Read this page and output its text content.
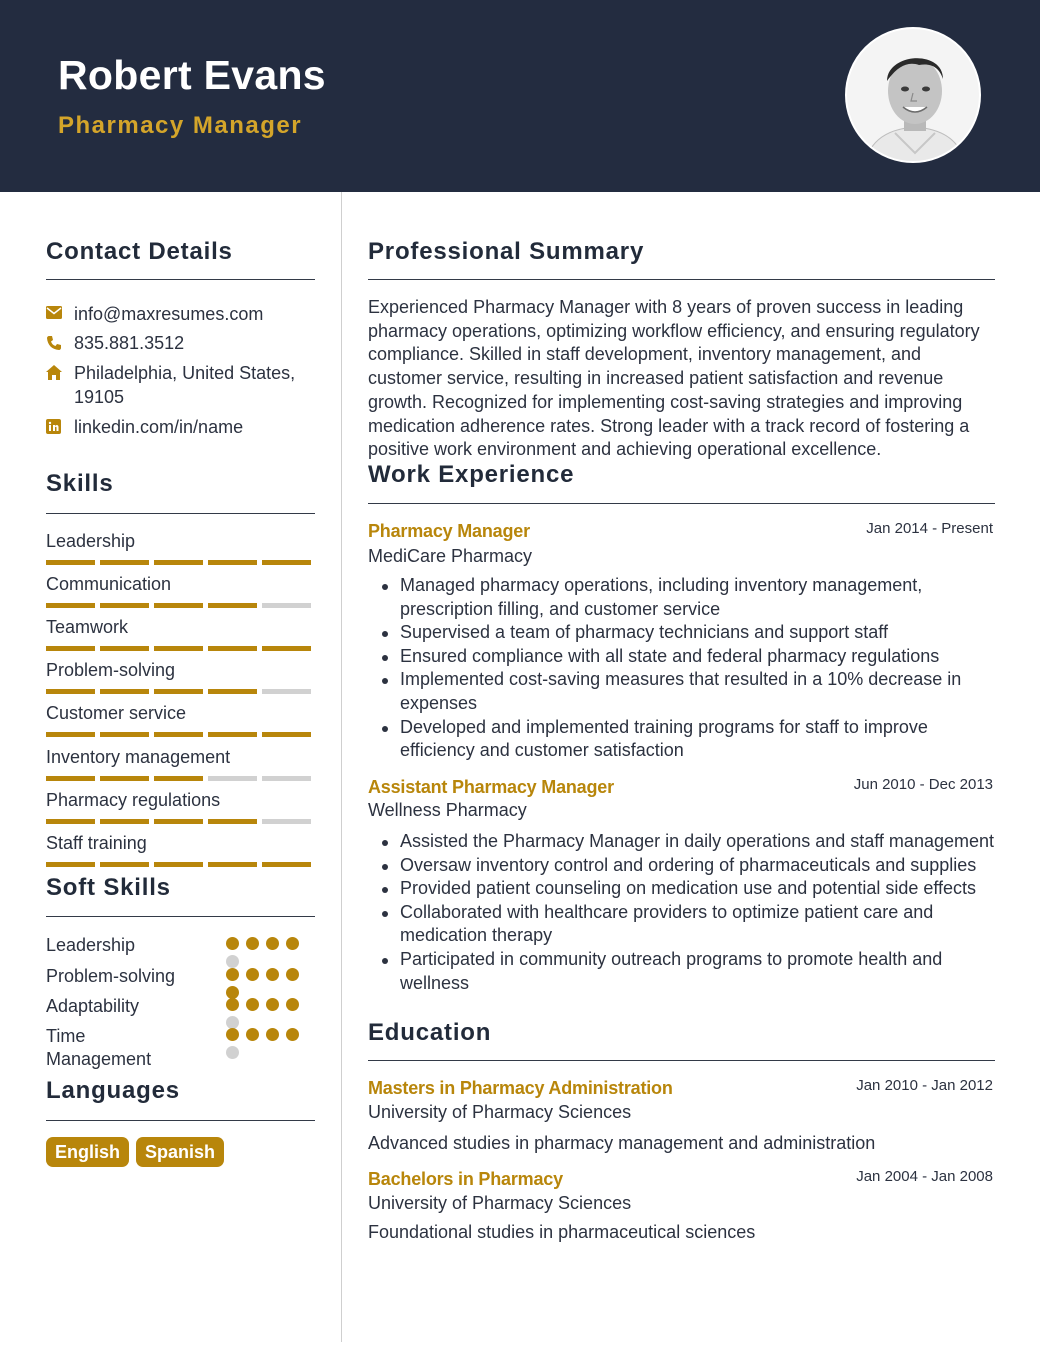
Robert Evans
Pharmacy Manager
Contact Details
info@maxresumes.com
835.881.3512
Philadelphia, United States, 19105
linkedin.com/in/name
Skills
Leadership
Communication
Teamwork
Problem-solving
Customer service
Inventory management
Pharmacy regulations
Staff training
Soft Skills
Leadership
Problem-solving
Adaptability
Time Management
Languages
English	Spanish
Professional Summary
Experienced Pharmacy Manager with 8 years of proven success in leading pharmacy operations, optimizing workflow efficiency, and ensuring regulatory compliance. Skilled in staff development, inventory management, and customer service, resulting in increased patient satisfaction and revenue growth. Recognized for implementing cost-saving strategies and improving medication adherence rates. Strong leader with a track record of fostering a positive work environment and achieving operational excellence.
Work Experience
Pharmacy Manager	Jan 2014 - Present
MediCare Pharmacy
Managed pharmacy operations, including inventory management, prescription filling, and customer service
Supervised a team of pharmacy technicians and support staff
Ensured compliance with all state and federal pharmacy regulations
Implemented cost-saving measures that resulted in a 10% decrease in expenses
Developed and implemented training programs for staff to improve efficiency and customer satisfaction
Assistant Pharmacy Manager	Jun 2010 - Dec 2013
Wellness Pharmacy
Assisted the Pharmacy Manager in daily operations and staff management
Oversaw inventory control and ordering of pharmaceuticals and supplies
Provided patient counseling on medication use and potential side effects
Collaborated with healthcare providers to optimize patient care and medication therapy
Participated in community outreach programs to promote health and wellness
Education
Masters in Pharmacy Administration	Jan 2010 - Jan 2012
University of Pharmacy Sciences
Advanced studies in pharmacy management and administration
Bachelors in Pharmacy	Jan 2004 - Jan 2008
University of Pharmacy Sciences
Foundational studies in pharmaceutical sciences
